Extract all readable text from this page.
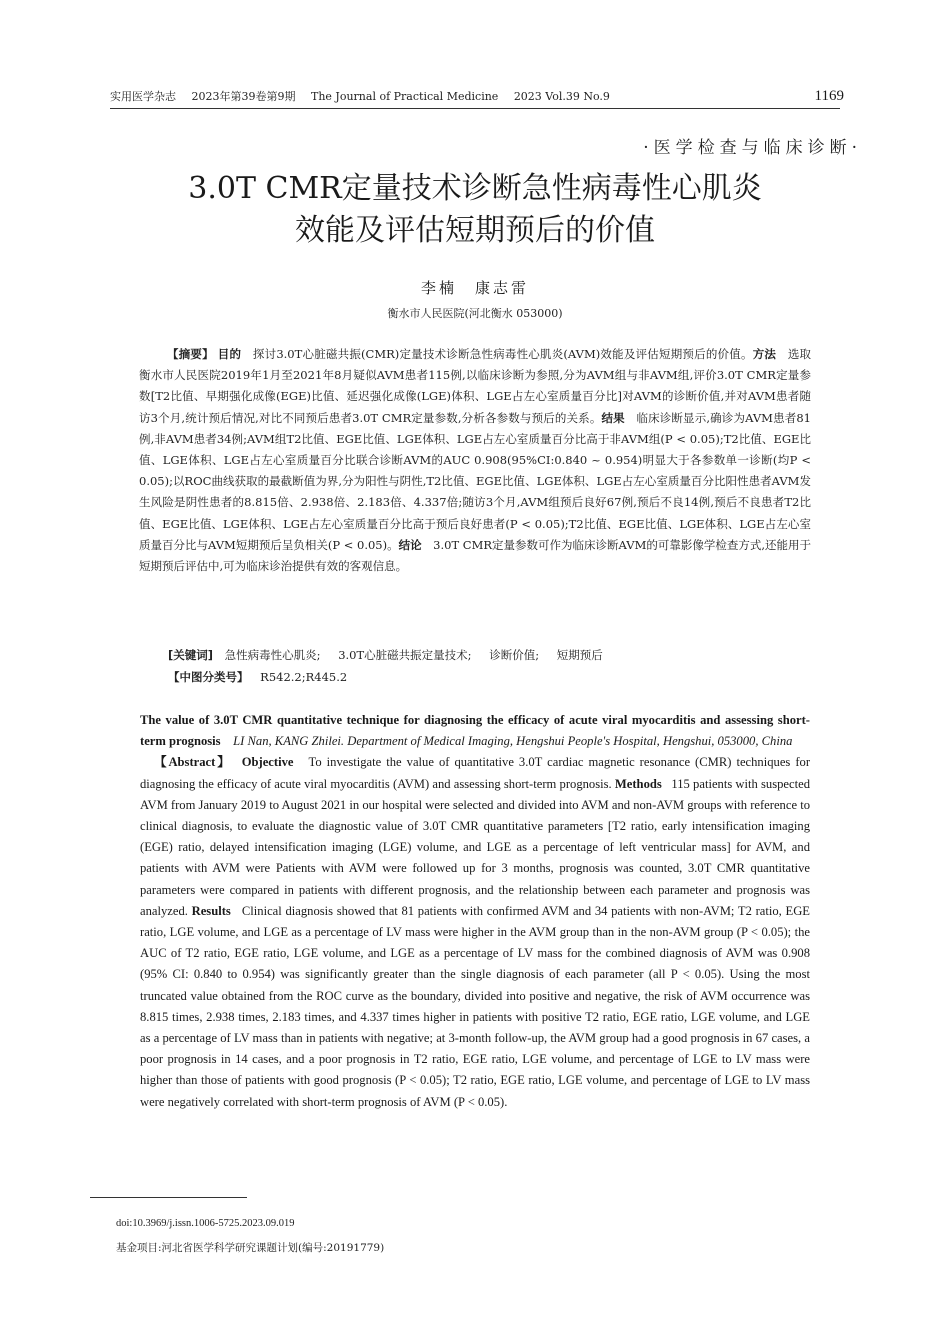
实用医学杂志 2023年第39卷第9期 The Journal of Practical Medicine 2023 Vol.39 No.9	1169
·医学检查与临床诊断·
3.0T CMR定量技术诊断急性病毒性心肌炎
效能及评估短期预后的价值
李楠　康志雷
衡水市人民医院(河北衡水 053000)

【摘要】 目的　 探讨3.0T心脏磁共振(CMR)定量技术诊断急性病毒性心肌炎(AVM)效能及评估短期预后的价值。方法　 选取衡水市人民医院2019年1月至2021年8月疑似AVM患者115例,以临床诊断为参照,分为AVM组与非AVM组,评价3.0T CMR定量参数[T2比值、早期强化成像(EGE)比值、延迟强化成像(LGE)体积、LGE占左心室质量百分比]对AVM的诊断价值,并对AVM患者随访3个月,统计预后情况,对比不同预后患者3.0T CMR定量参数,分析各参数与预后的关系。结果　 临床诊断显示,确诊为AVM患者81例,非AVM患者34例;AVM组T2比值、EGE比值、LGE体积、LGE占左心室质量百分比高于非AVM组(P < 0.05);T2比值、EGE比值、LGE体积、LGE占左心室质量百分比联合诊断AVM的AUC 0.908(95%CI:0.840 ~ 0.954)明显大于各参数单一诊断(均P < 0.05);以ROC曲线获取的最截断值为界,分为阳性与阴性,T2比值、EGE比值、LGE体积、LGE占左心室质量百分比阳性患者AVM发生风险是阴性患者的8.815倍、2.938倍、2.183倍、4.337倍;随访3个月,AVM组预后良好67例,预后不良14例,预后不良患者T2比值、EGE比值、LGE体积、LGE占左心室质量百分比高于预后良好患者(P < 0.05);T2比值、EGE比值、LGE体积、LGE占左心室质量百分比与AVM短期预后呈负相关(P < 0.05)。结论　 3.0T CMR定量参数可作为临床诊断AVM的可靠影像学检查方式,还能用于短期预后评估中,可为临床诊治提供有效的客观信息。

[关键词] 急性病毒性心肌炎; 3.0T心脏磁共振定量技术; 诊断价值; 短期预后
【中图分类号】 R542.2;R445.2

The value of 3.0T CMR quantitative technique for diagnosing the efficacy of acute viral myocarditis and assessing short-term prognosis LI Nan, KANG Zhilei. Department of Medical Imaging, Hengshui People's Hospital, Hengshui, 053000, China

【Abstract】 Objective To investigate the value of quantitative 3.0T cardiac magnetic resonance (CMR) techniques for diagnosing the efficacy of acute viral myocarditis (AVM) and assessing short-term prognosis. Methods 115 patients with suspected AVM from January 2019 to August 2021 in our hospital were selected and divided into AVM and non-AVM groups with reference to clinical diagnosis, to evaluate the diagnostic value of 3.0T CMR quantitative parameters [T2 ratio, early intensification imaging (EGE) ratio, delayed intensification imaging (LGE) volume, and LGE as a percentage of left ventricular mass] for AVM, and patients with AVM were Patients with AVM were followed up for 3 months, prognosis was counted, 3.0T CMR quantitative parameters were compared in patients with different prognosis, and the relationship between each parameter and prognosis was analyzed. Results Clinical diagnosis showed that 81 patients with confirmed AVM and 34 patients with non-AVM; T2 ratio, EGE ratio, LGE volume, and LGE as a percentage of LV mass were higher in the AVM group than in the non-AVM group (P < 0.05); the AUC of T2 ratio, EGE ratio, LGE volume, and LGE as a percentage of LV mass for the combined diagnosis of AVM was 0.908 (95% CI: 0.840 to 0.954) was significantly greater than the single diagnosis of each parameter (all P < 0.05). Using the most truncated value obtained from the ROC curve as the boundary, divided into positive and negative, the risk of AVM occurrence was 8.815 times, 2.938 times, 2.183 times, and 4.337 times higher in patients with positive T2 ratio, EGE ratio, LGE volume, and LGE as a percentage of LV mass than in patients with negative; at 3-month follow-up, the AVM group had a good prognosis in 67 cases, a poor prognosis in 14 cases, and a poor prognosis in T2 ratio, EGE ratio, LGE volume, and percentage of LGE to LV mass were higher than those of patients with good prognosis (P < 0.05); T2 ratio, EGE ratio, LGE volume, and percentage of LGE to LV mass were negatively correlated with short-term prognosis of AVM (P < 0.05).

doi:10.3969/j.issn.1006-5725.2023.09.019
基金项目:河北省医学科学研究课题计划(编号:20191779)
